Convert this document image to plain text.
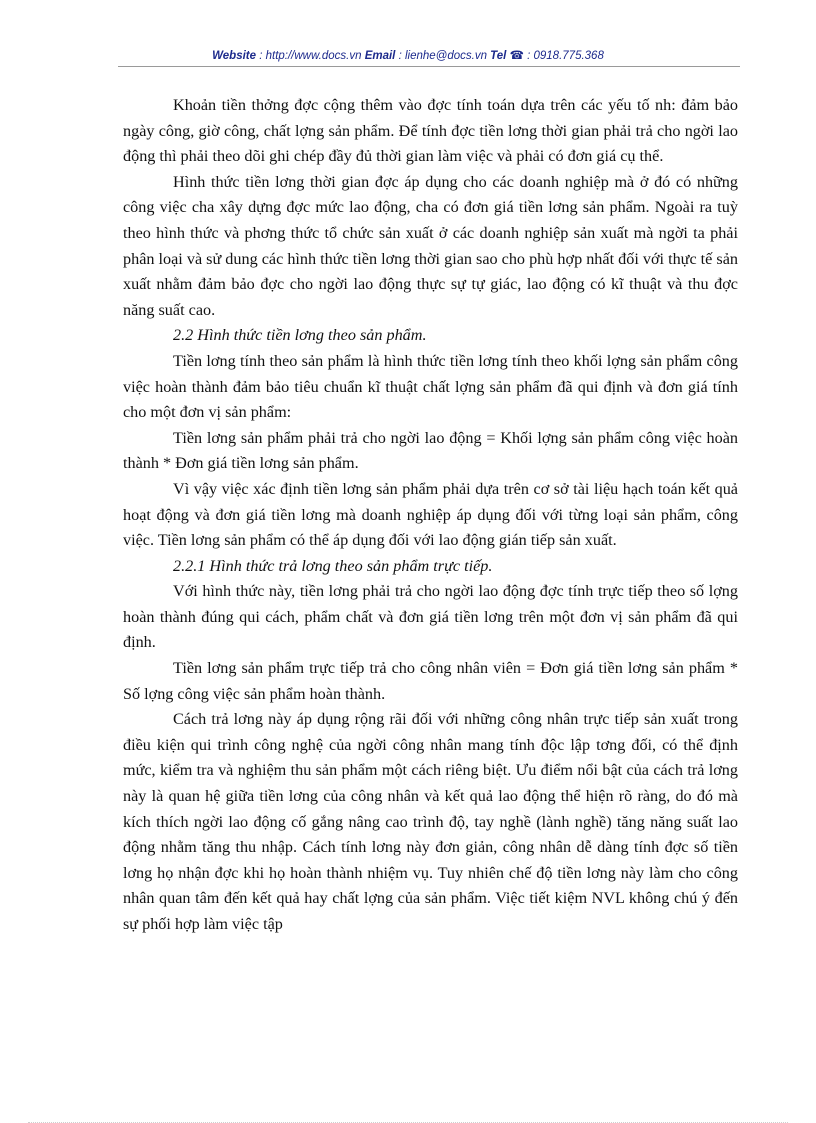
Website : http://www.docs.vn Email : lienhe@docs.vn Tel ☎ : 0918.775.368

Khoản tiền thởng đợc cộng thêm vào đợc tính toán dựa trên các yếu tố nh: đảm bảo ngày công, giờ công, chất lợng sản phẩm. Để tính đợc tiền lơng thời gian phải trả cho ngời lao động thì phải theo dõi ghi chép đầy đủ thời gian làm việc và phải có đơn giá cụ thể.

Hình thức tiền lơng thời gian đợc áp dụng cho các doanh nghiệp mà ở đó có những công việc cha xây dựng đợc mức lao động, cha có đơn giá tiền lơng sản phẩm. Ngoài ra tuỳ theo hình thức và phơng thức tổ chức sản xuất ở các doanh nghiệp sản xuất mà ngời ta phải phân loại và sử dung các hình thức tiền lơng thời gian sao cho phù hợp nhất đối với thực tế sản xuất nhằm đảm bảo đợc cho ngời lao động thực sự tự giác, lao động có kĩ thuật và thu đợc năng suất cao.

2.2 Hình thức tiền lơng theo sản phẩm.

Tiền lơng tính theo sản phẩm là hình thức tiền lơng tính theo khối lợng sản phẩm công việc hoàn thành đảm bảo tiêu chuẩn kĩ thuật chất lợng sản phẩm đã qui định và đơn giá tính cho một đơn vị sản phẩm:

Tiền lơng sản phẩm phải trả cho ngời lao động = Khối lợng sản phẩm công việc hoàn thành * Đơn giá tiền lơng sản phẩm.

Vì vậy việc xác định tiền lơng sản phẩm phải dựa trên cơ sở tài liệu hạch toán kết quả hoạt động và đơn giá tiền lơng mà doanh nghiệp áp dụng đối với từng loại sản phẩm, công việc. Tiền lơng sản phẩm có thể áp dụng đối với lao động gián tiếp sản xuất.

2.2.1 Hình thức trả lơng theo sản phẩm trực tiếp.

Với hình thức này, tiền lơng phải trả cho ngời lao động đợc tính trực tiếp theo số lợng hoàn thành đúng qui cách, phẩm chất và đơn giá tiền lơng trên một đơn vị sản phẩm đã qui định.

Tiền lơng sản phẩm trực tiếp trả cho công nhân viên = Đơn giá tiền lơng sản phẩm * Số lợng công việc sản phẩm hoàn thành.

Cách trả lơng này áp dụng rộng rãi đối với những công nhân trực tiếp sản xuất trong điều kiện qui trình công nghệ của ngời công nhân mang tính độc lập tơng đối, có thể định mức, kiểm tra và nghiệm thu sản phẩm một cách riêng biệt. Ưu điểm nổi bật của cách trả lơng này là quan hệ giữa tiền lơng của công nhân và kết quả lao động thể hiện rõ ràng, do đó mà kích thích ngời lao động cố gắng nâng cao trình độ, tay nghề (lành nghề) tăng năng suất lao động nhằm tăng thu nhập. Cách tính lơng này đơn giản, công nhân dễ dàng tính đợc số tiền lơng họ nhận đợc khi họ hoàn thành nhiệm vụ. Tuy nhiên chế độ tiền lơng này làm cho công nhân quan tâm đến kết quả hay chất lợng của sản phẩm. Việc tiết kiệm NVL không chú ý đến sự phối hợp làm việc tập
